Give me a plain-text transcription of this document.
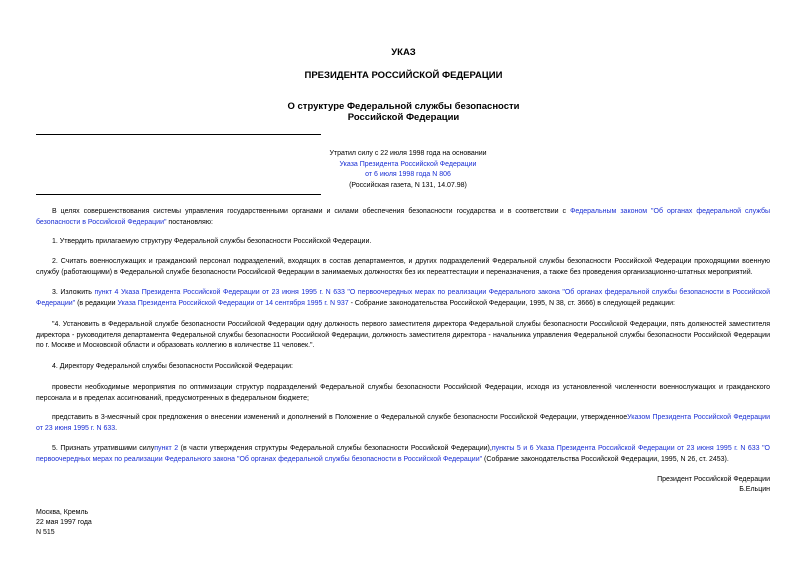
УКАЗ
ПРЕЗИДЕНТА РОССИЙСКОЙ ФЕДЕРАЦИИ
О структуре Федеральной службы безопасности
Российской Федерации
Утратил силу с 22 июля 1998 года на основании
Указа Президента Российской Федерации
от 6 июля 1998 года N 806
(Российская газета, N 131, 14.07.98)
В целях совершенствования системы управления государственными органами и силами обеспечения безопасности государства и в соответствии с Федеральным законом "Об органах федеральной службы безопасности в Российской Федерации" постановляю:
1. Утвердить прилагаемую структуру Федеральной службы безопасности Российской Федерации.
2. Считать военнослужащих и гражданский персонал подразделений, входящих в состав департаментов, и других подразделений Федеральной службы безопасности Российской Федерации проходящими военную службу (работающими) в Федеральной службе безопасности Российской Федерации в занимаемых должностях без их переаттестации и переназначения, а также без проведения организационно-штатных мероприятий.
3. Изложить пункт 4 Указа Президента Российской Федерации от 23 июня 1995 г. N 633 "О первоочередных мерах по реализации Федерального закона "Об органах федеральной службы безопасности в Российской Федерации" (в редакции Указа Президента Российской Федерации от 14 сентября 1995 г. N 937 - Собрание законодательства Российской Федерации, 1995, N 38, ст. 3666) в следующей редакции:
"4. Установить в Федеральной службе безопасности Российской Федерации одну должность первого заместителя директора Федеральной службы безопасности Российской Федерации, пять должностей заместителя директора - руководителя департамента Федеральной службы безопасности Российской Федерации, должность заместителя директора - начальника управления Федеральной службы безопасности Российской Федерации по г. Москве и Московской области и образовать коллегию в количестве 11 человек.".
4. Директору Федеральной службы безопасности Российской Федерации:
провести необходимые мероприятия по оптимизации структур подразделений Федеральной службы безопасности Российской Федерации, исходя из установленной численности военнослужащих и гражданского персонала и в пределах ассигнований, предусмотренных в федеральном бюджете;
представить в 3-месячный срок предложения о внесении изменений и дополнений в Положение о Федеральной службе безопасности Российской Федерации, утвержденноеУказом Президента Российской Федерации от 23 июня 1995 г. N 633.
5. Признать утратившими силупункт 2 (в части утверждения структуры Федеральной службы безопасности Российской Федерации),пункты 5 и 6 Указа Президента Российской Федерации от 23 июня 1995 г. N 633 "О первоочередных мерах по реализации Федерального закона "Об органах федеральной службы безопасности в Российской Федерации" (Собрание законодательства Российской Федерации, 1995, N 26, ст. 2453).
Президент Российской Федерации
Б.Ельцин
Москва, Кремль
22 мая 1997 года
N 515
